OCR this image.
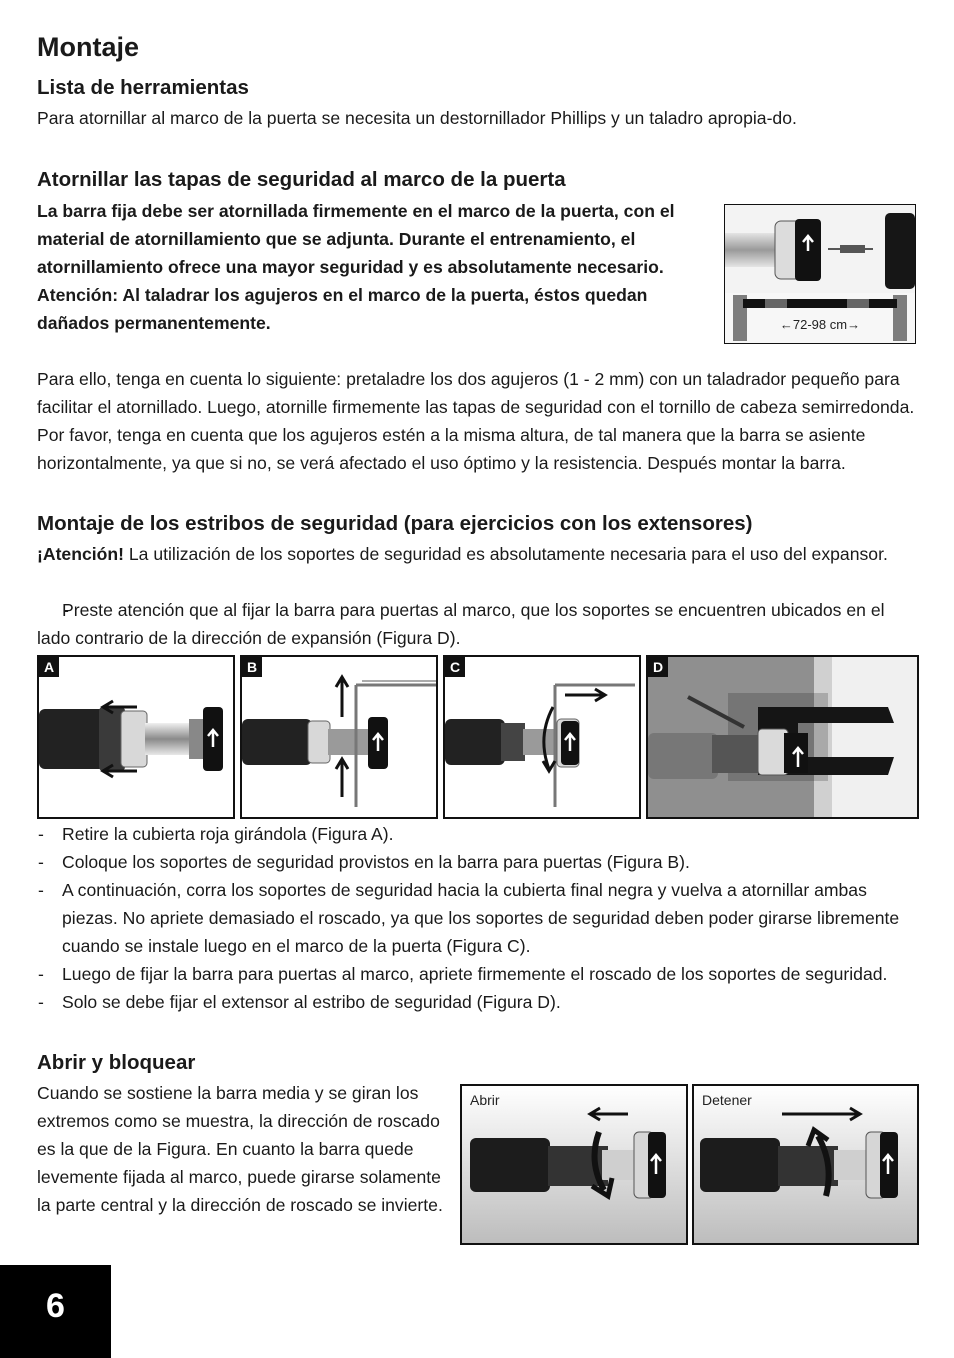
Montaje
Lista de herramientas

Para atornillar al marco de la puerta se necesita un destornillador Phillips y un taladro apropia-do.

Atornillar las tapas de seguridad al marco de la puerta

La barra fija debe ser atornillada firmemente en el marco de la puerta, con el material de atornillamiento que se adjunta. Durante el entrenamiento, el atornillamiento ofrece una mayor seguridad y es absolutamente necesario. Atención: Al taladrar los agujeros en el marco de la puerta, éstos quedan dañados permanentemente.	←72-98 cm→

Para ello, tenga en cuenta lo siguiente: pretaladre los dos agujeros (1 - 2 mm) con un taladrador pequeño para facilitar el atornillado. Luego, atornille firmemente las tapas de seguridad con el tornillo de cabeza semirredonda. Por favor, tenga en cuenta que los agujeros estén a la misma altura, de tal manera que la barra se asiente horizontalmente, ya que si no, se verá afectado el uso óptimo y la resistencia. Después montar la barra.

Montaje de los estribos de seguridad (para ejercicios con los extensores)

¡Atención! La utilización de los soportes de seguridad es absolutamente necesaria para el uso del expansor.

- Preste atención que al fijar la barra para puertas al marco, que los soportes se encuentren ubicados en el lado contrario de la dirección de expansión (Figura D).
A	B	C	D
- Retire la cubierta roja girándola (Figura A).
- Coloque los soportes de seguridad provistos en la barra para puertas (Figura B).
- A continuación, corra los soportes de seguridad hacia la cubierta final negra y vuelva a atornillar ambas piezas. No apriete demasiado el roscado, ya que los soportes de seguridad deben poder girarse libremente cuando se instale luego en el marco de la puerta (Figura C).
- Luego de fijar la barra para puertas al marco, apriete firmemente el roscado de los soportes de seguridad.
- Solo se debe fijar el extensor al estribo de seguridad (Figura D).
Abrir y bloquear

Cuando se sostiene la barra media y se giran los extremos como se muestra, la dirección de roscado es la que de la Figura. En cuanto la barra quede levemente fijada al marco, puede girarse solamente la parte central y la dirección de roscado se invierte.

Abrir	Detener
6
